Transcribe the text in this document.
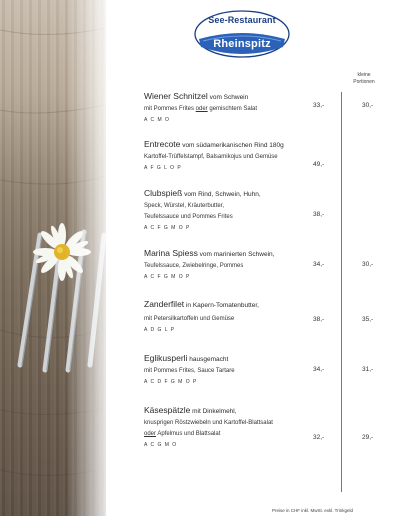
See-Restaurant
Rheinspitz
kleine
Portionen
Wiener Schnitzel vom Schwein
mit Pommes Frites oder gemischtem Salat
A C M O
33,-	30,-
Entrecote vom südamerikanischen Rind 180g
Kartoffel-Trüffelstampf, Balsamikojus und Gemüse
A F G L O P	49,-
Clubspieß vom Rind, Schwein, Huhn,
Speck, Würstel, Kräuterbutter,
Teufelssauce und Pommes Frites
A C F G M O P
38,-
Marina Spiess vom marinierten Schwein,
Teufelssauce, Zwiebelringe, Pommes
A C F G M O P
34,-	30,-
Zanderfilet in Kapern-Tomatenbutter,
mit Petersilkartoffeln und Gemüse
A D G L P
38,-	35,-
Eglikusperli hausgemacht
mit Pommes Frites, Sauce Tartare
A C D F G M O P
34,-	31,-
Käsespätzle mit Dinkelmehl,
knusprigen Röstzwiebeln und Kartoffel-Blattsalat
oder Apfelmus und Blattsalat
A C G M O
32,-	29,-
Preise in CHF inkl. MwSt. exkl. Trinkgeld
